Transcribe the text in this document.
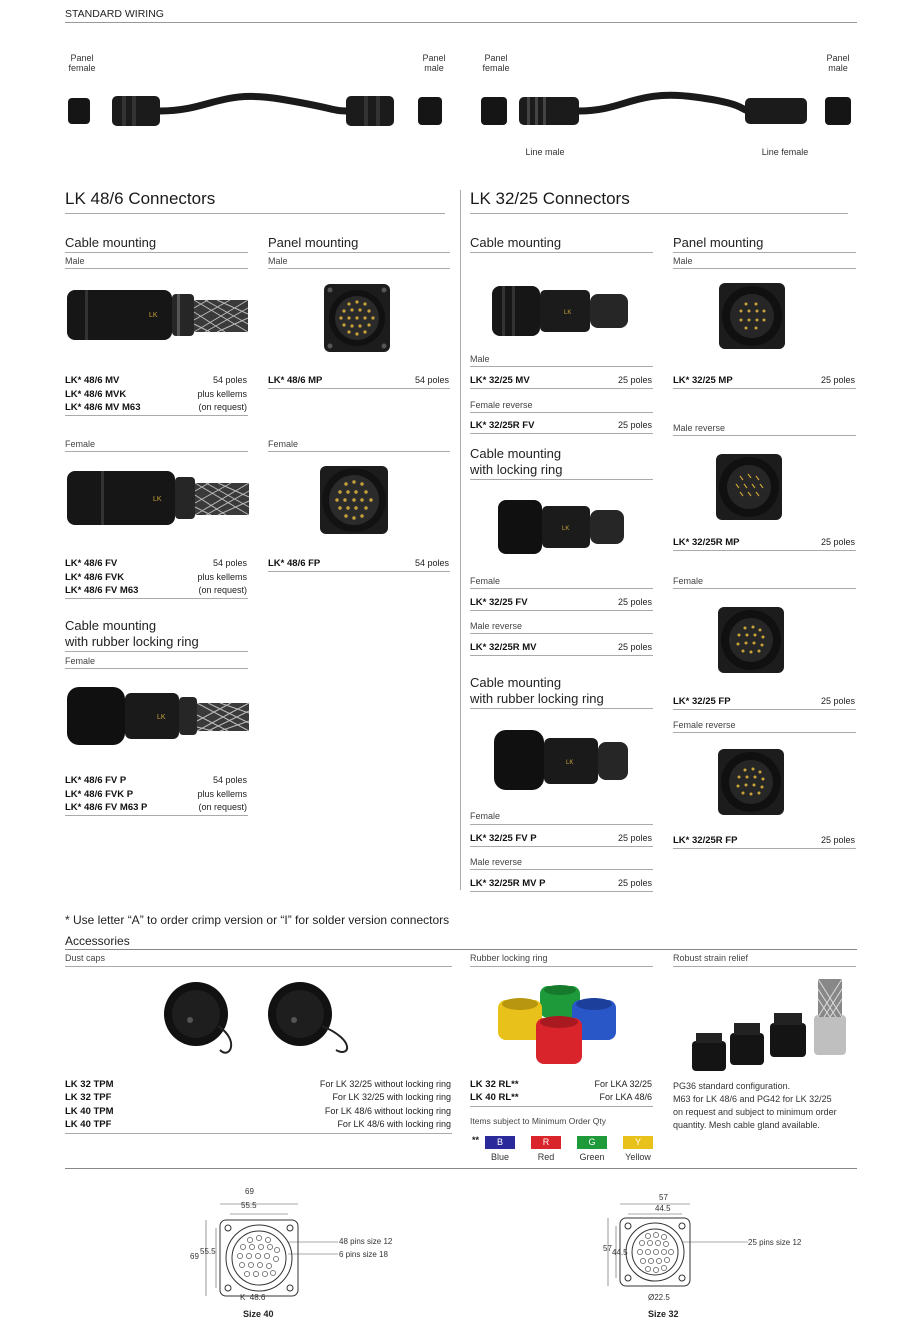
STANDARD WIRING
Panel
female
Panel
male
Panel
female
Panel
male
Line male	Line female
LK 48/6 Connectors
Cable mounting
Male
LK
LK* 48/6 MV	54 poles
LK* 48/6 MVK	plus kellems
LK* 48/6 MV M63	(on request)
Female
LK
LK* 48/6 FV	54 poles
LK* 48/6 FVK	plus kellems
LK* 48/6 FV M63	(on request)
Cable mounting
with rubber locking ring
Female
LK
LK* 48/6 FV P	54 poles
LK* 48/6 FVK P	plus kellems
LK* 48/6 FV M63 P	(on request)
Panel mounting
Male
LK* 48/6 MP	54 poles
Female
LK* 48/6 FP	54 poles
LK 32/25 Connectors
Cable mounting
LK
Male
LK* 32/25 MV	25 poles
Female reverse
LK* 32/25R FV	25 poles
Cable mounting
with locking ring
LK
Female
LK* 32/25 FV	25 poles
Male reverse
LK* 32/25R MV	25 poles
Cable mounting
with rubber locking ring
LK
Female
LK* 32/25 FV P	25 poles
Male reverse
LK* 32/25R MV P	25 poles
Panel mounting
Male
LK* 32/25 MP	25 poles
Male reverse
LK* 32/25R MP	25 poles
Female
LK* 32/25 FP	25 poles
Female reverse
LK* 32/25R FP	25 poles
* Use letter “A” to order crimp version or “I” for solder version connectors
Accessories
Dust caps
LK 32 TPM	For LK 32/25 without locking ring
LK 32 TPF	For LK 32/25 with locking ring
LK 40 TPM	For LK 48/6 without locking ring
LK 40 TPF	For LK 48/6 with locking ring
Rubber locking ring
LK 32 RL**	For LKA 32/25
LK 40 RL**	For LKA 48/6
Items subject to Minimum Order Qty
**	B	R	G	Y
Blue	Red	Green	Yellow
Robust strain relief
PG36 standard configuration.
M63 for LK 48/6 and PG42 for LK 32/25
on request and subject to minimum order
quantity. Mesh cable gland available.
69
55.5
69
55.5
K  48.6
48 pins size 12
6 pins size 18
Size 40
57
44.5
57 44.5
Ø22.5
25 pins size 12
Size 32
